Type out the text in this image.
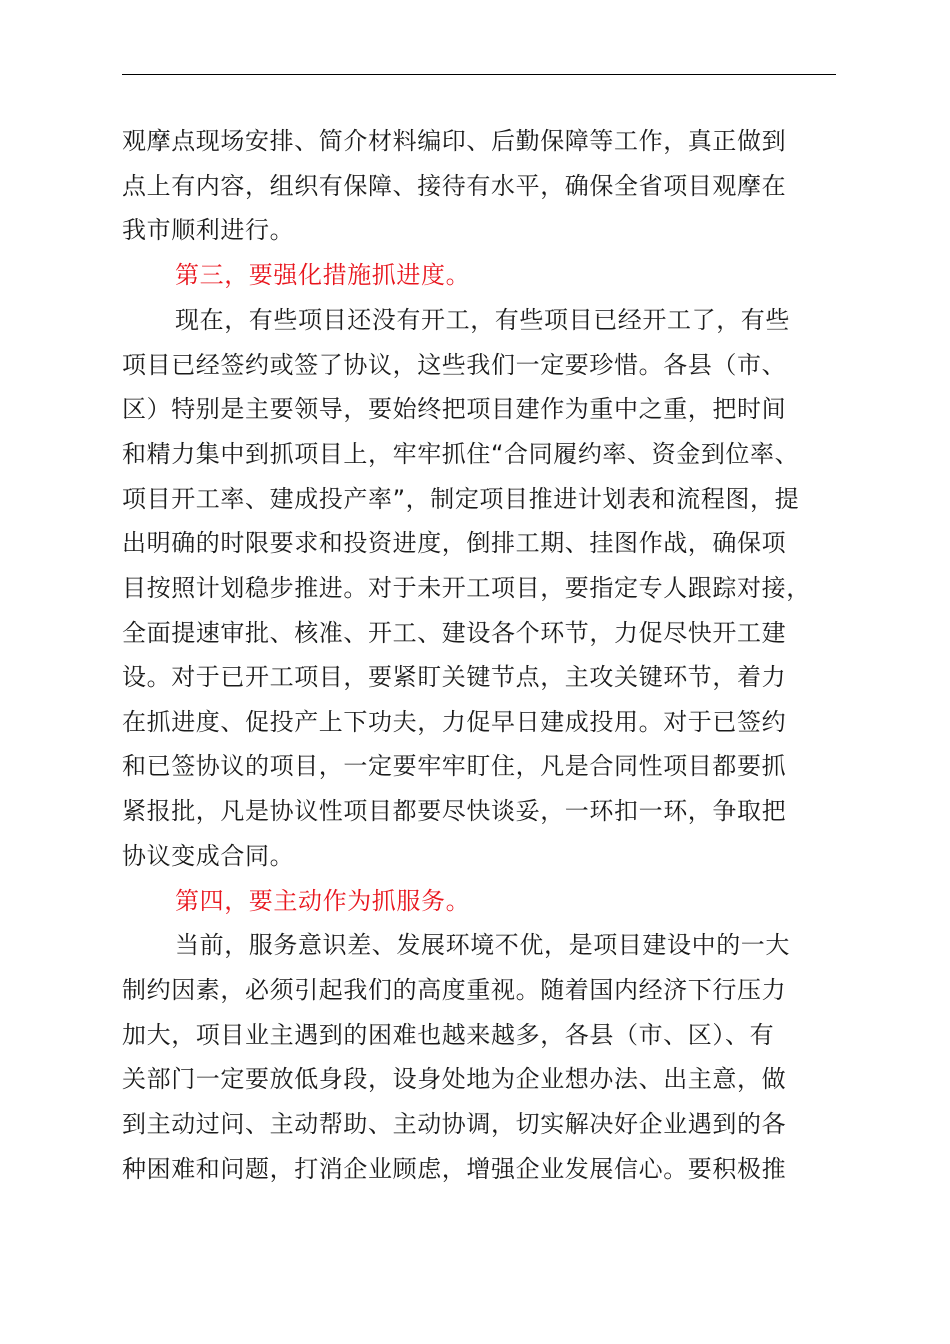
观摩点现场安排、简介材料编印、后勤保障等工作，真正做到
点上有内容，组织有保障、接待有水平，确保全省项目观摩在
我市顺利进行。
第三，要强化措施抓进度。
现在，有些项目还没有开工，有些项目已经开工了，有些
项目已经签约或签了协议，这些我们一定要珍惜。各县（市、
区）特别是主要领导，要始终把项目建作为重中之重，把时间
和精力集中到抓项目上，牢牢抓住“合同履约率、资金到位率、
项目开工率、建成投产率”，制定项目推进计划表和流程图，提
出明确的时限要求和投资进度，倒排工期、挂图作战，确保项
目按照计划稳步推进。对于未开工项目，要指定专人跟踪对接，
全面提速审批、核准、开工、建设各个环节，力促尽快开工建
设。对于已开工项目，要紧盯关键节点，主攻关键环节，着力
在抓进度、促投产上下功夫，力促早日建成投用。对于已签约
和已签协议的项目，一定要牢牢盯住，凡是合同性项目都要抓
紧报批，凡是协议性项目都要尽快谈妥，一环扣一环，争取把
协议变成合同。
第四，要主动作为抓服务。
当前，服务意识差、发展环境不优，是项目建设中的一大
制约因素，必须引起我们的高度重视。随着国内经济下行压力
加大，项目业主遇到的困难也越来越多，各县（市、区）、有
关部门一定要放低身段，设身处地为企业想办法、出主意，做
到主动过问、主动帮助、主动协调，切实解决好企业遇到的各
种困难和问题，打消企业顾虑，增强企业发展信心。要积极推
